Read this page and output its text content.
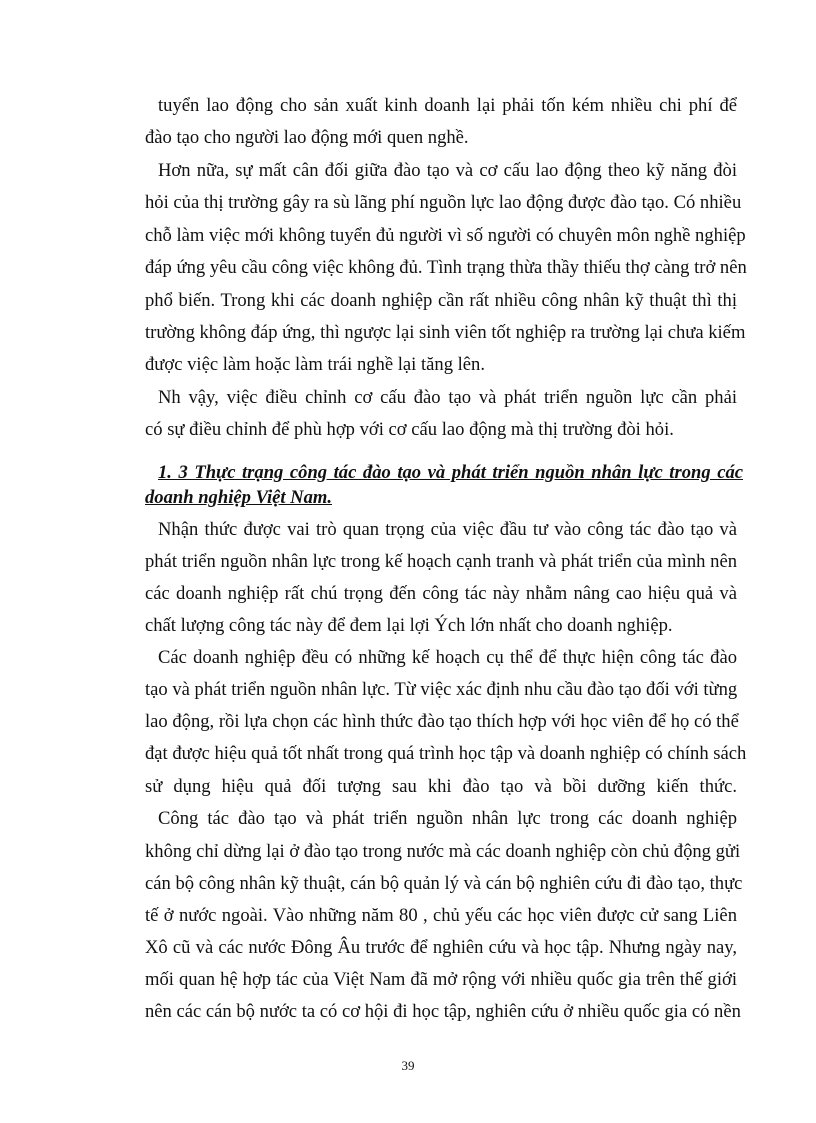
tuyển lao động cho sản xuất kinh doanh lại phải tốn kém nhiều chi phí để
đào tạo cho người lao động mới quen nghề.
Hơn nữa, sự mất cân đối giữa đào tạo và cơ cấu lao động theo kỹ năng đòi
hỏi của thị trường gây ra sù lãng phí nguồn lực lao động được đào tạo. Có nhiều
chỗ làm việc mới không tuyển đủ người vì số người có chuyên môn nghề nghiệp
đáp ứng yêu cầu công việc không đủ. Tình trạng thừa thầy thiếu thợ càng trở nên
phổ biến. Trong khi các doanh nghiệp cần rất nhiều công nhân kỹ thuật thì thị
trường không đáp ứng, thì ngược lại sinh viên tốt nghiệp ra trường lại chưa kiếm
được việc làm hoặc làm trái nghề lại tăng lên.
Nh vậy, việc điều chỉnh cơ cấu đào tạo và phát triển nguồn lực cần phải
có sự điều chỉnh để phù hợp với cơ cấu lao động mà thị trường đòi hỏi.
1. 3 Thực trạng công tác đào tạo và phát triển nguồn nhân lực trong các
doanh nghiệp Việt Nam.
Nhận thức được vai trò quan trọng của việc đầu tư vào công tác đào tạo và
phát triển nguồn nhân lực trong kế hoạch cạnh tranh và phát triển của mình nên
các doanh nghiệp rất chú trọng đến công tác này nhằm nâng cao hiệu quả và
chất lượng công tác này để đem lại lợi Ých lớn nhất cho doanh nghiệp.
Các doanh nghiệp đều có những kế hoạch cụ thể để thực hiện công tác đào
tạo và phát triển nguồn nhân lực. Từ việc xác định nhu cầu đào tạo đối với từng
lao động, rồi lựa chọn các hình thức đào tạo thích hợp với học viên để họ có thể
đạt được hiệu quả tốt nhất trong quá trình học tập và doanh nghiệp có chính sách
sử dụng hiệu quả đối tượng sau khi đào tạo và bồi dưỡng kiến thức.
Công tác đào tạo và phát triển nguồn nhân lực trong các doanh nghiệp
không chỉ dừng lại ở đào tạo trong nước mà các doanh nghiệp còn chủ động gửi
cán bộ công nhân kỹ thuật, cán bộ quản lý và cán bộ nghiên cứu đi đào tạo, thực
tế ở nước ngoài. Vào những năm 80 , chủ yếu các học viên được cử sang Liên
Xô cũ và các nước Đông Âu trước để nghiên cứu và học tập. Nhưng ngày nay,
mối quan hệ hợp tác của Việt Nam đã mở rộng với nhiều quốc gia trên thế giới
nên các cán bộ nước ta có cơ hội đi học tập, nghiên cứu ở nhiều quốc gia có nền
39
